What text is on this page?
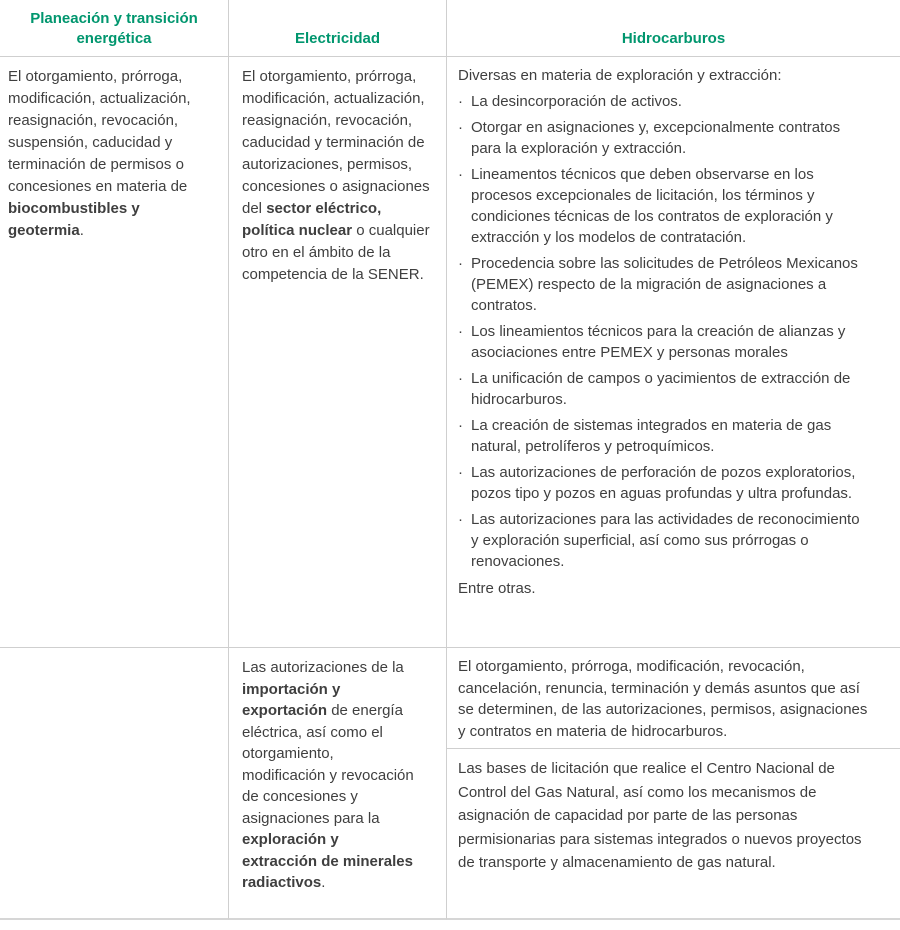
Planeación y transición energética	Electricidad	Hidrocarburos

El otorgamiento, prórroga, modificación, actualización, reasignación, revocación, suspensión, caducidad y terminación de permisos o concesiones en materia de biocombustibles y geotermia.

El otorgamiento, prórroga, modificación, actualización, reasignación, revocación, caducidad y terminación de autorizaciones, permisos, concesiones o asignaciones del sector eléctrico, política nuclear o cualquier otro en el ámbito de la competencia de la SENER.

Diversas en materia de exploración y extracción:

· La desincorporación de activos.
· Otorgar en asignaciones y, excepcionalmente contratos para la exploración y extracción.
· Lineamentos técnicos que deben observarse en los procesos excepcionales de licitación, los términos y condiciones técnicas de los contratos de exploración y extracción y los modelos de contratación.
· Procedencia sobre las solicitudes de Petróleos Mexicanos (PEMEX) respecto de la migración de asignaciones a contratos.
· Los lineamientos técnicos para la creación de alianzas y asociaciones entre PEMEX y personas morales
· La unificación de campos o yacimientos de extracción de hidrocarburos.
· La creación de sistemas integrados en materia de gas natural, petrolíferos y petroquímicos.
· Las autorizaciones de perforación de pozos exploratorios, pozos tipo y pozos en aguas profundas y ultra profundas.
· Las autorizaciones para las actividades de reconocimiento y exploración superficial, así como sus prórrogas o renovaciones.

Entre otras.

Las autorizaciones de la importación y exportación de energía eléctrica, así como el otorgamiento, modificación y revocación de concesiones y asignaciones para la exploración y extracción de minerales radiactivos.

El otorgamiento, prórroga, modificación, revocación, cancelación, renuncia, terminación y demás asuntos que así se determinen, de las autorizaciones, permisos, asignaciones y contratos en materia de hidrocarburos.

Las bases de licitación que realice el Centro Nacional de Control del Gas Natural, así como los mecanismos de asignación de capacidad por parte de las personas permisionarias para sistemas integrados o nuevos proyectos de transporte y almacenamiento de gas natural.
